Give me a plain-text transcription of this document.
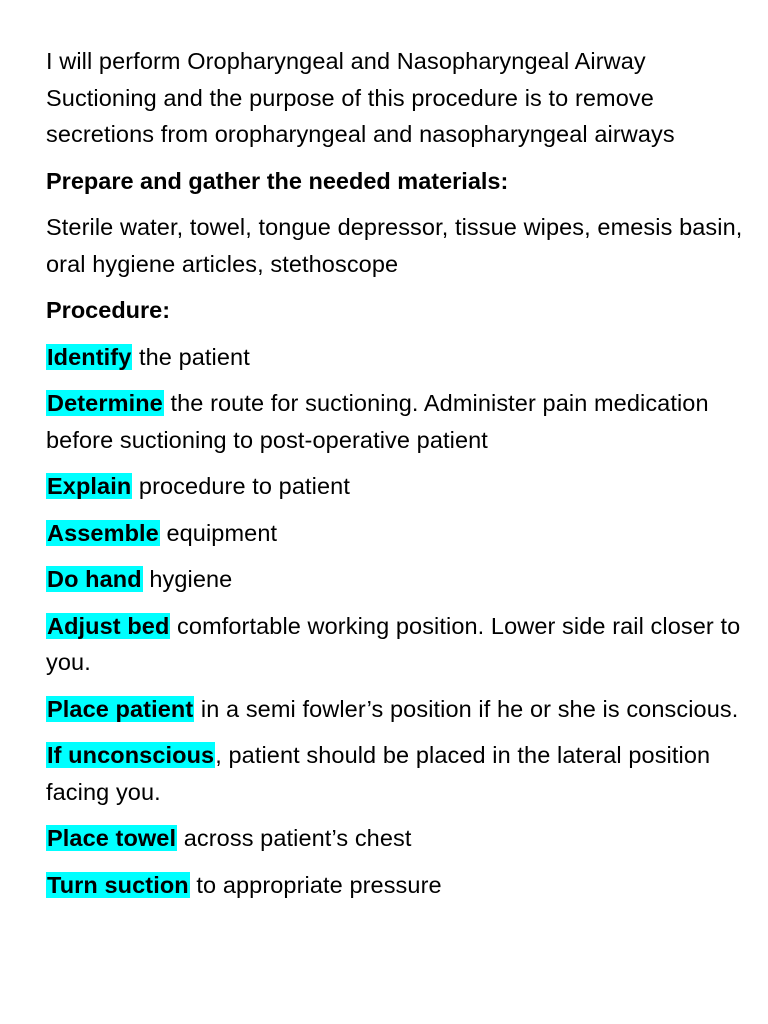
I will perform Oropharyngeal and Nasopharyngeal Airway Suctioning and the purpose of this procedure is to remove secretions from oropharyngeal and nasopharyngeal airways

Prepare and gather the needed materials:

Sterile water, towel, tongue depressor, tissue wipes, emesis basin, oral hygiene articles, stethoscope

Procedure:

Identify the patient

Determine the route for suctioning. Administer pain medication before suctioning to post-operative patient

Explain procedure to patient

Assemble equipment

Do hand hygiene

Adjust bed comfortable working position. Lower side rail closer to you.

Place patient in a semi fowler’s position if he or she is conscious.

If unconscious, patient should be placed in the lateral position facing you.

Place towel across patient’s chest

Turn suction to appropriate pressure
